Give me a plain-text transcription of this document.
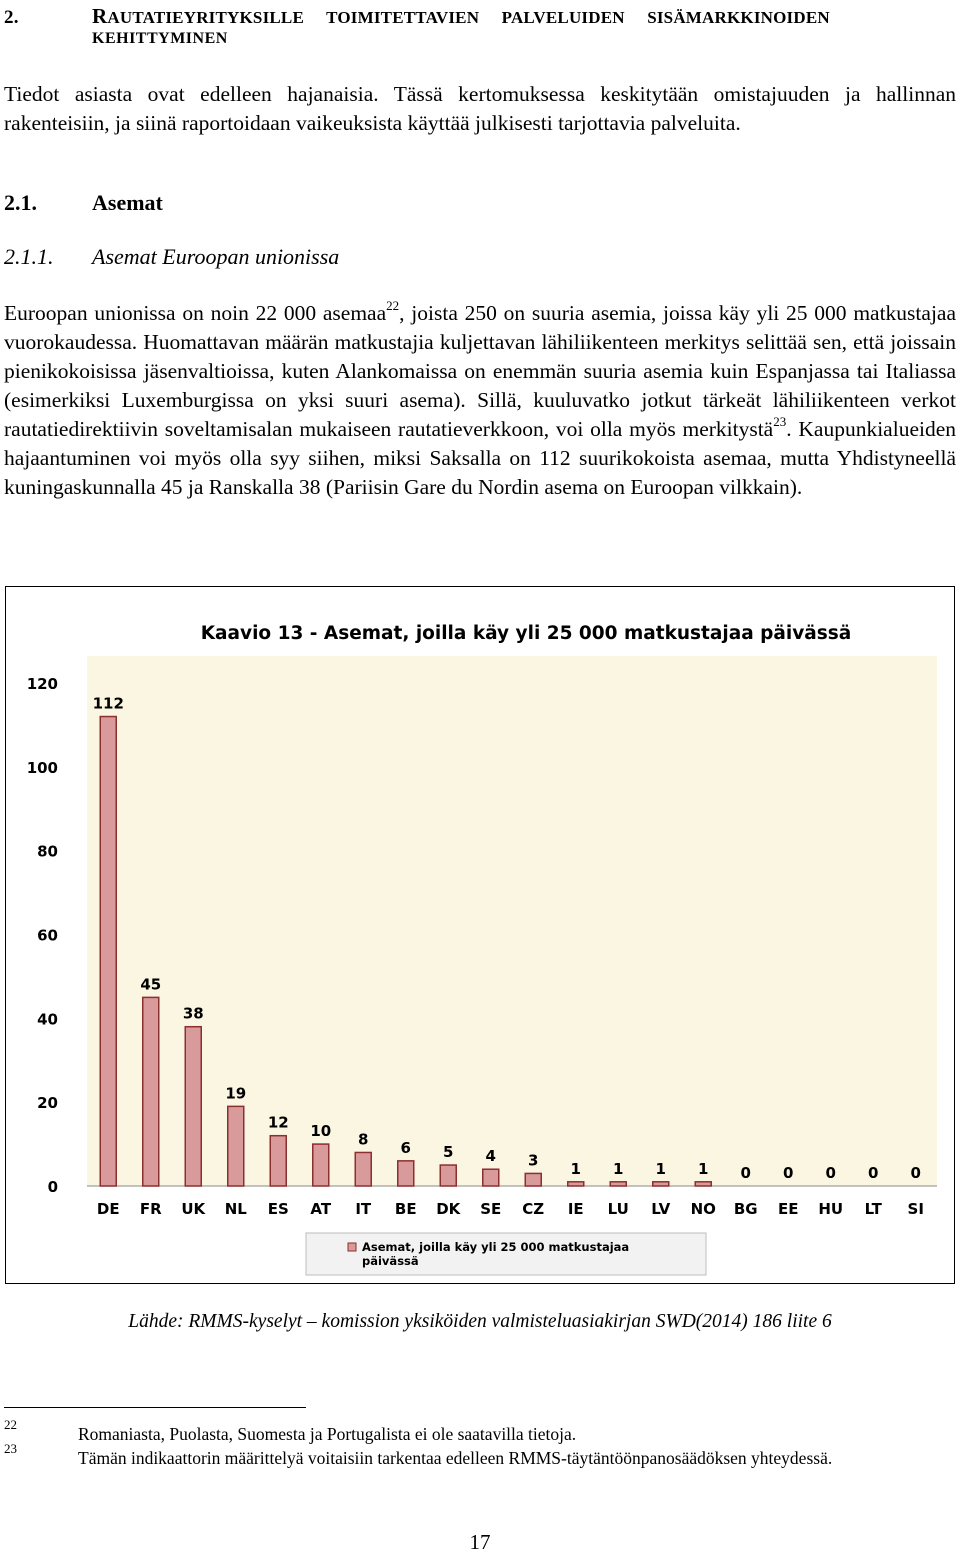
2.	RAUTATIEYRITYKSILLE TOIMITETTAVIEN PALVELUIDEN SISÄMARKKINOIDEN
KEHITTYMINEN
Tiedot asiasta ovat edelleen hajanaisia. Tässä kertomuksessa keskitytään omistajuuden ja hallinnan rakenteisiin, ja siinä raportoidaan vaikeuksista käyttää julkisesti tarjottavia palveluita.
2.1.	Asemat
2.1.1. Asemat Euroopan unionissa
Euroopan unionissa on noin 22 000 asemaa$^{22}$, joista 250 on suuria asemia, joissa käy yli 25 000 matkustajaa vuorokaudessa. Huomattavan määrän matkustajia kuljettavan lähiliikenteen merkitys selittää sen, että joissain pienikokoisissa jäsenvaltioissa, kuten Alankomaissa on enemmän suuria asemia kuin Espanjassa tai Italiassa (esimerkiksi Luxemburgissa on yksi suuri asema). Sillä, kuuluvatko jotkut tärkeät lähiliikenteen verkot rautatiedirektiivin soveltamisalan mukaiseen rautatieverkkoon, voi olla myös merkitystä$^{23}$. Kaupunkialueiden hajaantuminen voi myös olla syy siihen, miksi Saksalla on 112 suurikokoista asemaa, mutta Yhdistyneellä kuningaskunnalla 45 ja Ranskalla 38 (Pariisin Gare du Nordin asema on Euroopan vilkkain).
Kaavio 13 - Asemat, joilla käy yli 25 000 matkustajaa päivässä
0
20
40
60
80
100
120
112
45
38
19
12 10 8 6 5 4 3 1 1 1 1 0 0 0 0 0
DE FR UK NL ES AT IT BE DK SE CZ IE LU LV NO BG EE HU LT SI
Asemat, joilla käy yli 25 000 matkustajaa
päivässä
Lähde: RMMS-kyselyt – komission yksiköiden valmisteluasiakirjan SWD(2014) 186 liite 6
22	Romaniasta, Puolasta, Suomesta ja Portugalista ei ole saatavilla tietoja.
23	Tämän indikaattorin määrittelyä voitaisiin tarkentaa edelleen RMMS-täytäntöönpanosäädöksen yhteydessä.
17
